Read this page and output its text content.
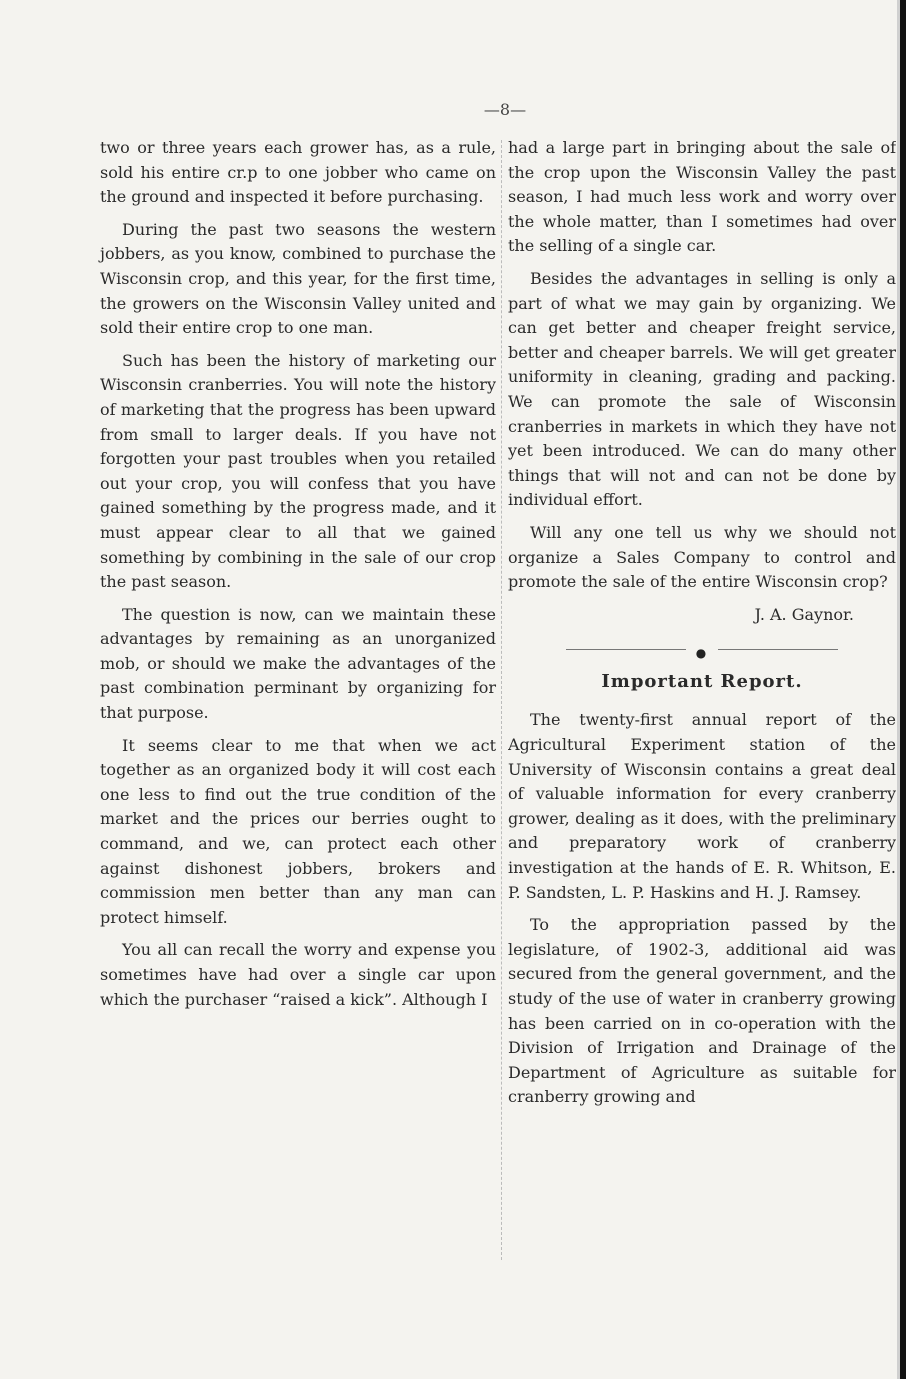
—8—

two or three years each grower has, as a rule, sold his entire cr.p to one jobber who came on the ground and inspected it before purchasing.

During the past two seasons the western jobbers, as you know, combined to purchase the Wisconsin crop, and this year, for the first time, the growers on the Wisconsin Valley united and sold their entire crop to one man.

Such has been the history of marketing our Wisconsin cranberries. You will note the history of marketing that the progress has been upward from small to larger deals. If you have not forgotten your past troubles when you retailed out your crop, you will confess that you have gained something by the progress made, and it must appear clear to all that we gained something by combining in the sale of our crop the past season.

The question is now, can we maintain these advantages by remaining as an unorganized mob, or should we make the advantages of the past combination perminant by organizing for that purpose.

It seems clear to me that when we act together as an organized body it will cost each one less to find out the true condition of the market and the prices our berries ought to command, and we, can protect each other against dishonest jobbers, brokers and commission men better than any man can protect himself.

You all can recall the worry and expense you sometimes have had over a single car upon which the purchaser “raised a kick”. Although I

had a large part in bringing about the sale of the crop upon the Wisconsin Valley the past season, I had much less work and worry over the whole matter, than I sometimes had over the selling of a single car.

Besides the advantages in selling is only a part of what we may gain by organizing. We can get better and cheaper freight service, better and cheaper barrels. We will get greater uniformity in cleaning, grading and packing. We can promote the sale of Wisconsin cranberries in markets in which they have not yet been introduced. We can do many other things that will not and can not be done by individual effort.

Will any one tell us why we should not organize a Sales Company to control and promote the sale of the entire Wisconsin crop?

J. A. Gaynor.
●
Important Report.

The twenty-first annual report of the Agricultural Experiment station of the University of Wisconsin contains a great deal of valuable information for every cranberry grower, dealing as it does, with the preliminary and preparatory work of cranberry investigation at the hands of E. R. Whitson, E. P. Sandsten, L. P. Haskins and H. J. Ramsey.

To the appropriation passed by the legislature, of 1902-3, additional aid was secured from the general government, and the study of the use of water in cranberry growing has been carried on in co-operation with the Division of Irrigation and Drainage of the Department of Agriculture as suitable for cranberry growing and
